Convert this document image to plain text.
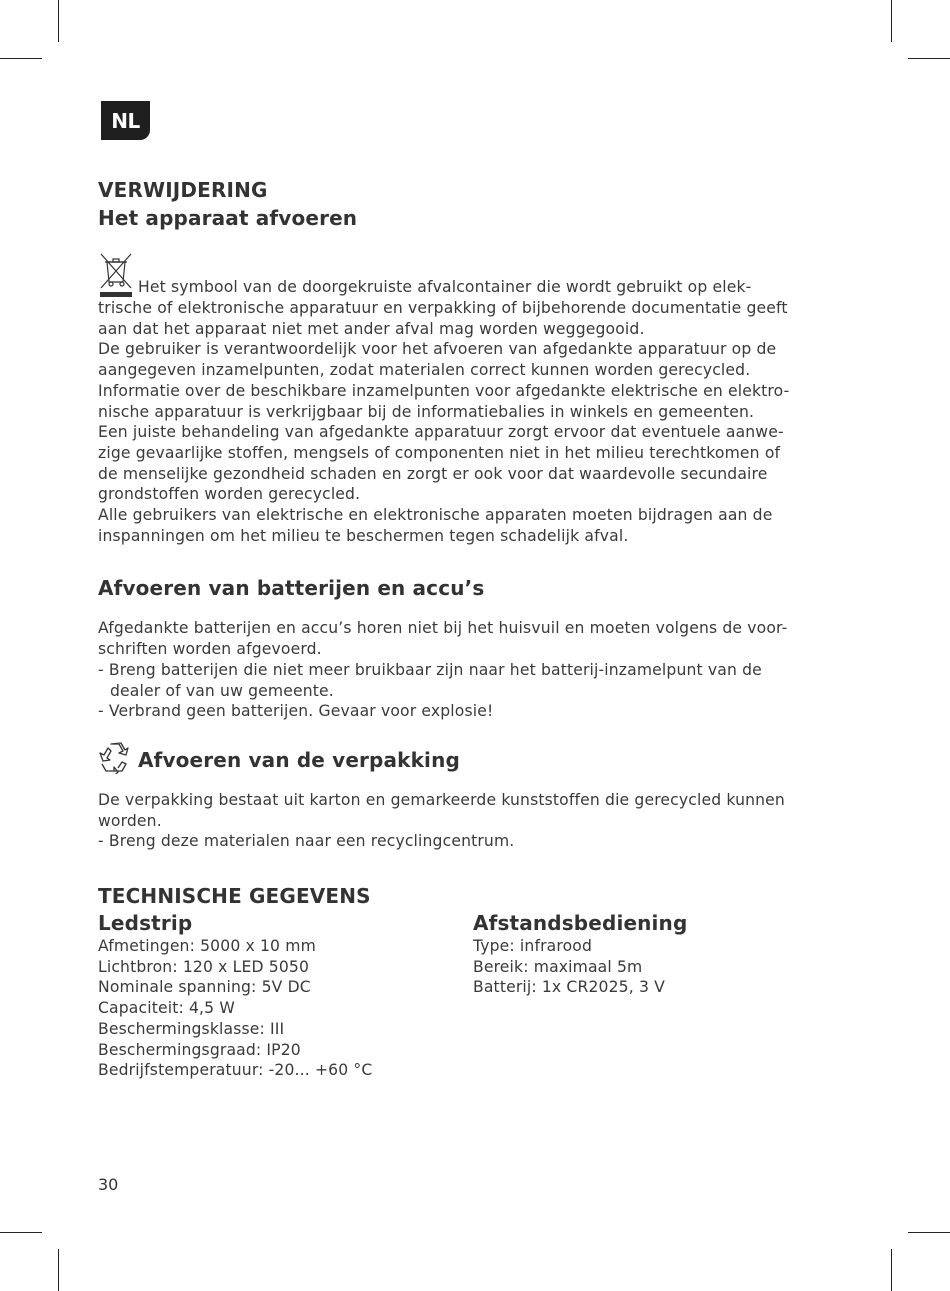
NL
VERWIJDERING
Het apparaat afvoeren

Het symbool van de doorgekruiste afvalcontainer die wordt gebruikt op elek-

trische of elektronische apparatuur en verpakking of bijbehorende documentatie geeft

aan dat het apparaat niet met ander afval mag worden weggegooid.

De gebruiker is verantwoordelijk voor het afvoeren van afgedankte apparatuur op de

aangegeven inzamelpunten, zodat materialen correct kunnen worden gerecycled.

Informatie over de beschikbare inzamelpunten voor afgedankte elektrische en elektro-

nische apparatuur is verkrijgbaar bij de informatiebalies in winkels en gemeenten.

Een juiste behandeling van afgedankte apparatuur zorgt ervoor dat eventuele aanwe-

zige gevaarlijke stoffen, mengsels of componenten niet in het milieu terechtkomen of

de menselijke gezondheid schaden en zorgt er ook voor dat waardevolle secundaire

grondstoffen worden gerecycled.

Alle gebruikers van elektrische en elektronische apparaten moeten bijdragen aan de

inspanningen om het milieu te beschermen tegen schadelijk afval.

Afvoeren van batterijen en accu’s

Afgedankte batterijen en accu’s horen niet bij het huisvuil en moeten volgens de voor-

schriften worden afgevoerd.

- Breng batterijen die niet meer bruikbaar zijn naar het batterij-inzamelpunt van de

dealer of van uw gemeente.

- Verbrand geen batterijen. Gevaar voor explosie!

Afvoeren van de verpakking

De verpakking bestaat uit karton en gemarkeerde kunststoffen die gerecycled kunnen

worden.

- Breng deze materialen naar een recyclingcentrum.

TECHNISCHE GEGEVENS
Ledstrip

Afmetingen: 5000 x 10 mm

Lichtbron: 120 x LED 5050

Nominale spanning: 5V DC

Capaciteit: 4,5 W

Beschermingsklasse: III

Beschermingsgraad: IP20

Bedrijfstemperatuur: -20... +60 °C

Afstandsbediening

Type: infrarood

Bereik: maximaal 5m

Batterij: 1x CR2025, 3 V

30
